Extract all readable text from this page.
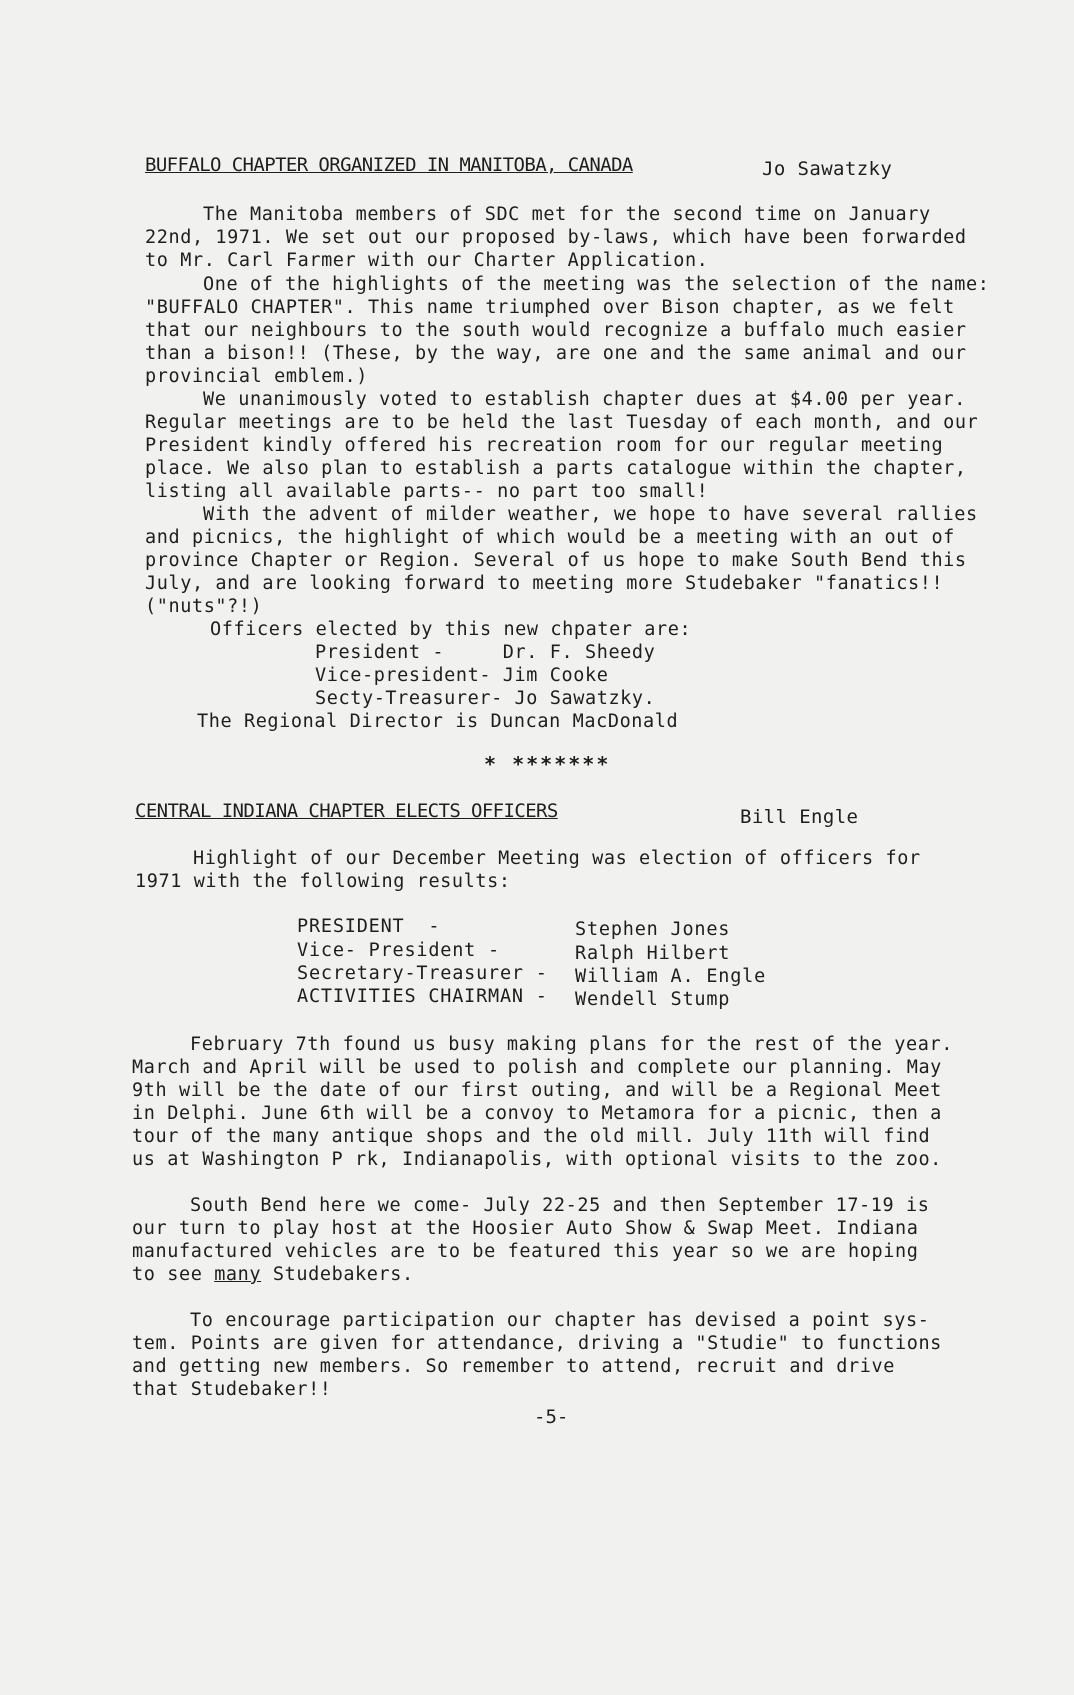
BUFFALO CHAPTER ORGANIZED IN MANITOBA, CANADA	Jo Sawatzky
The Manitoba members of SDC met for the second time on January
22nd, 1971. We set out our proposed by-laws, which have been forwarded
to Mr. Carl Farmer with our Charter Application.
One of the highlights of the meeting was the selection of the name:
"BUFFALO CHAPTER". This name triumphed over Bison chapter, as we felt
that our neighbours to the south would recognize a buffalo much easier
than a bison!! (These, by the way, are one and the same animal and our
provincial emblem.)
We unanimously voted to establish chapter dues at $4.00 per year.
Regular meetings are to be held the last Tuesday of each month, and our
President kindly offered his recreation room for our regular meeting
place. We also plan to establish a parts catalogue within the chapter,
listing all available parts-- no part too small!
With the advent of milder weather, we hope to have several rallies
and picnics, the highlight of which would be a meeting with an out of
province Chapter or Region. Several of us hope to make South Bend this
July, and are looking forward to meeting more Studebaker "fanatics!!
("nuts"?!)
Officers elected by this new chpater are:
President -     Dr. F. Sheedy
Vice-president- Jim Cooke
Secty-Treasurer- Jo Sawatzky.
The Regional Director is Duncan MacDonald
* *******
CENTRAL INDIANA CHAPTER ELECTS OFFICERS	Bill Engle
Highlight of our December Meeting was election of officers for
1971 with the following results:
PRESIDENT  -	Stephen Jones
Vice- President -	Ralph Hilbert
Secretary-Treasurer - William A. Engle
ACTIVITIES CHAIRMAN - Wendell Stump
February 7th found us busy making plans for the rest of the year.
March and April will be used to polish and complete our planning. May
9th will be the date of our first outing, and will be a Regional Meet
in Delphi. June 6th will be a convoy to Metamora for a picnic, then a
tour of the many antique shops and the old mill. July 11th will find
us at Washington P rk, Indianapolis, with optional visits to the zoo.
South Bend here we come- July 22-25 and then September 17-19 is
our turn to play host at the Hoosier Auto Show & Swap Meet. Indiana
manufactured vehicles are to be featured this year so we are hoping
to see many Studebakers.
To encourage participation our chapter has devised a point sys-
tem. Points are given for attendance, driving a "Studie" to functions
and getting new members. So remember to attend, recruit and drive
that Studebaker!!
-5-
